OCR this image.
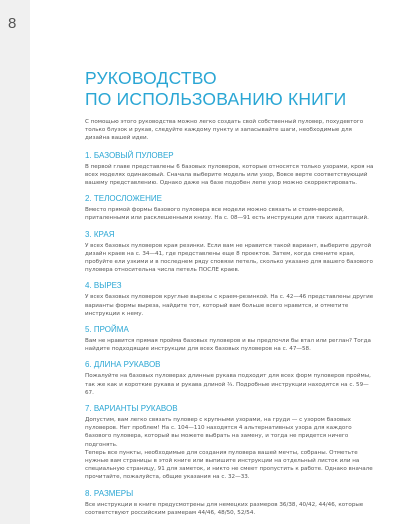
8
РУКОВОДСТВО
ПО ИСПОЛЬЗОВАНИЮ КНИГИ

С помощью этого руководства можно легко создать свой собственный пуловер, похудевтого только блузок и рукав, следуйте каждому пункту и запасывайте шаги, необходимые для дизайна вашей идеи.

1. БАЗОВЫЙ ПУЛОВЕР

В первой главе представлены 6 базовых пуловеров, которые относятся только узорами, кроя на всех моделях одинаковый. Сначала выберите модель или узор, Вовсе верте соответствующий вашему представлению. Однако даже на базе подобен лепе узор можно скорректировать.

2. ТЕЛОСЛОЖЕНИЕ

Вместо прямой формы базового пуловера все модели можно связать и стоим-версией, приталенными или расклешенными книзу. На с. 08—91 есть инструкции для таких адаптаций.

3. КРАЯ

У всех базовых пуловеров края резинки. Если вам не нравится такой вариант, выберите другой дизайн краев на с. 34—41, где представлены еще 8 проектов. Затем, когда смените края, пробуйте ели узкими и в последнем ряду сповязи петель, сколько указано для вашего базового пуловера относительна числа петель ПОСЛЕ краев.

4. ВЫРЕЗ

У всех базовых пуловеров круглые вырезы с краем-резинкой. На с. 42—46 представлены другие варианты формы выреза, найдите тот, который вам больше всего нравится, и отметите инструкции к нему.

5. ПРОЙМА

Вам не нравится прямая пройма базовых пуловеров и вы предпочли бы втал или реглан? Тогда найдите подходящие инструкции для всех базовых пуловеров на с. 47—58.

6. ДЛИНА РУКАВОВ

Пожалуйте на базовых пуловерах длинные рукава подходит для всех форм пуловеров проймы, так же как и короткие рукава и рукава длиной ¾. Подробные инструкции находятся на с. 59—67.

7. ВАРИАНТЫ РУКАВОВ

Допустим, вам легко связать пуловер с крупными узорами, на груди — с узором базовых пуловеров. Нет проблем! На с. 104—110 находятся 4 альтернативных узора для каждого базового пуловера, который вы можете выбрать на замену, и тогда не придется ничего подгонять.

Теперь все пункты, необходимые для создания пуловера вашей мечты, собраны. Отметьте нужные вам страницы в этой книге или выпишите инструкции на отдельный листок или на специальную страницу, 91 для заметок, и никто не смеет пропустить к работе. Однако вначале прочитайте, пожалуйста, общие указания на с. 32—33.

8. РАЗМЕРЫ

Все инструкции в книге предусмотрены для немецких размеров 36/38, 40/42, 44/46, которые соответствуют российским размерам 44/46, 48/50, 52/54.
